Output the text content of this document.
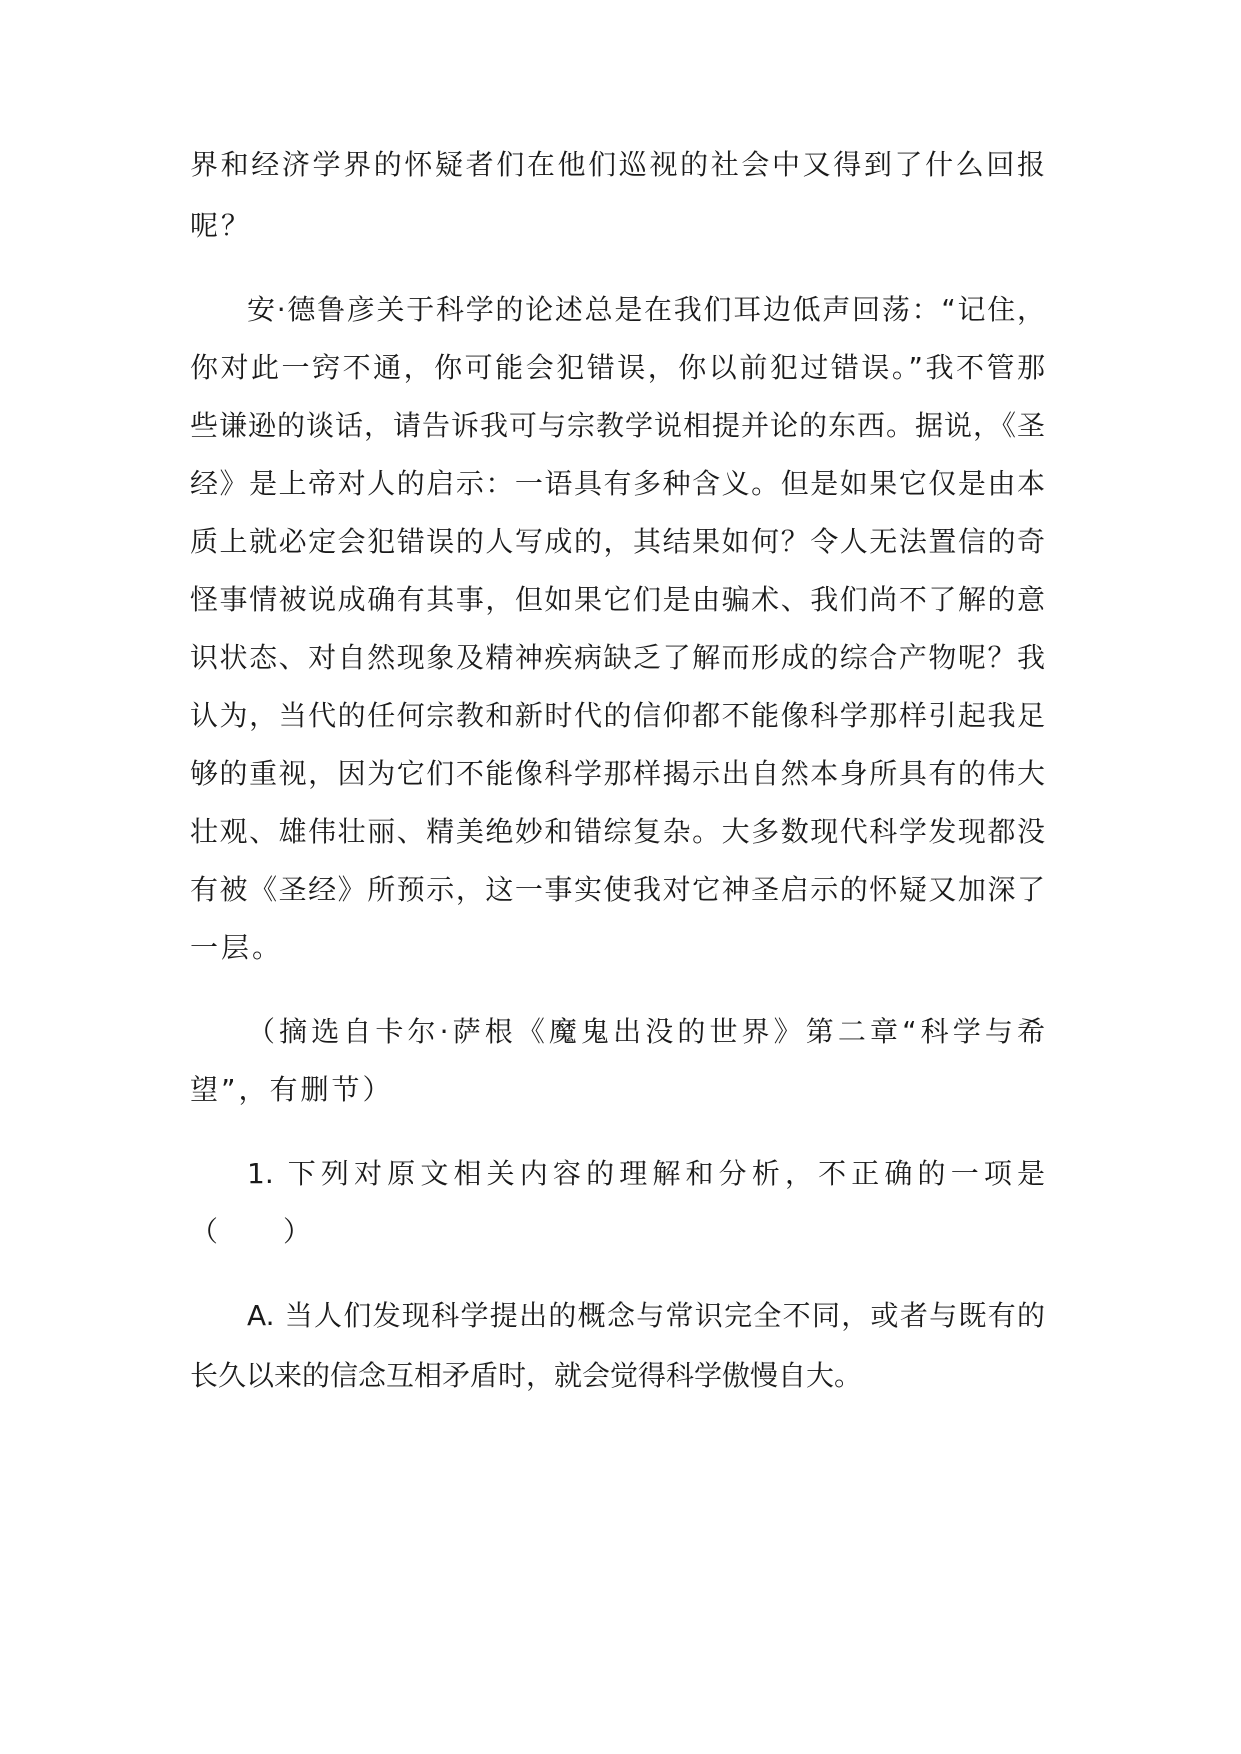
界和经济学界的怀疑者们在他们巡视的社会中又得到了什么回报
呢？
安·德鲁彦关于科学的论述总是在我们耳边低声回荡：“记住，
你对此一窍不通，你可能会犯错误，你以前犯过错误。”我不管那
些谦逊的谈话，请告诉我可与宗教学说相提并论的东西。据说，《圣
经》是上帝对人的启示：一语具有多种含义。但是如果它仅是由本
质上就必定会犯错误的人写成的，其结果如何？令人无法置信的奇
怪事情被说成确有其事，但如果它们是由骗术、我们尚不了解的意
识状态、对自然现象及精神疾病缺乏了解而形成的综合产物呢？我
认为，当代的任何宗教和新时代的信仰都不能像科学那样引起我足
够的重视，因为它们不能像科学那样揭示出自然本身所具有的伟大
壮观、雄伟壮丽、精美绝妙和错综复杂。大多数现代科学发现都没
有被《圣经》所预示，这一事实使我对它神圣启示的怀疑又加深了
一层。
（摘选自卡尔·萨根《魔鬼出没的世界》第二章“科学与希
望”，有删节）
1. 下列对原文相关内容的理解和分析，不正确的一项是
（　　）
A. 当人们发现科学提出的概念与常识完全不同，或者与既有的
长久以来的信念互相矛盾时，就会觉得科学傲慢自大。
